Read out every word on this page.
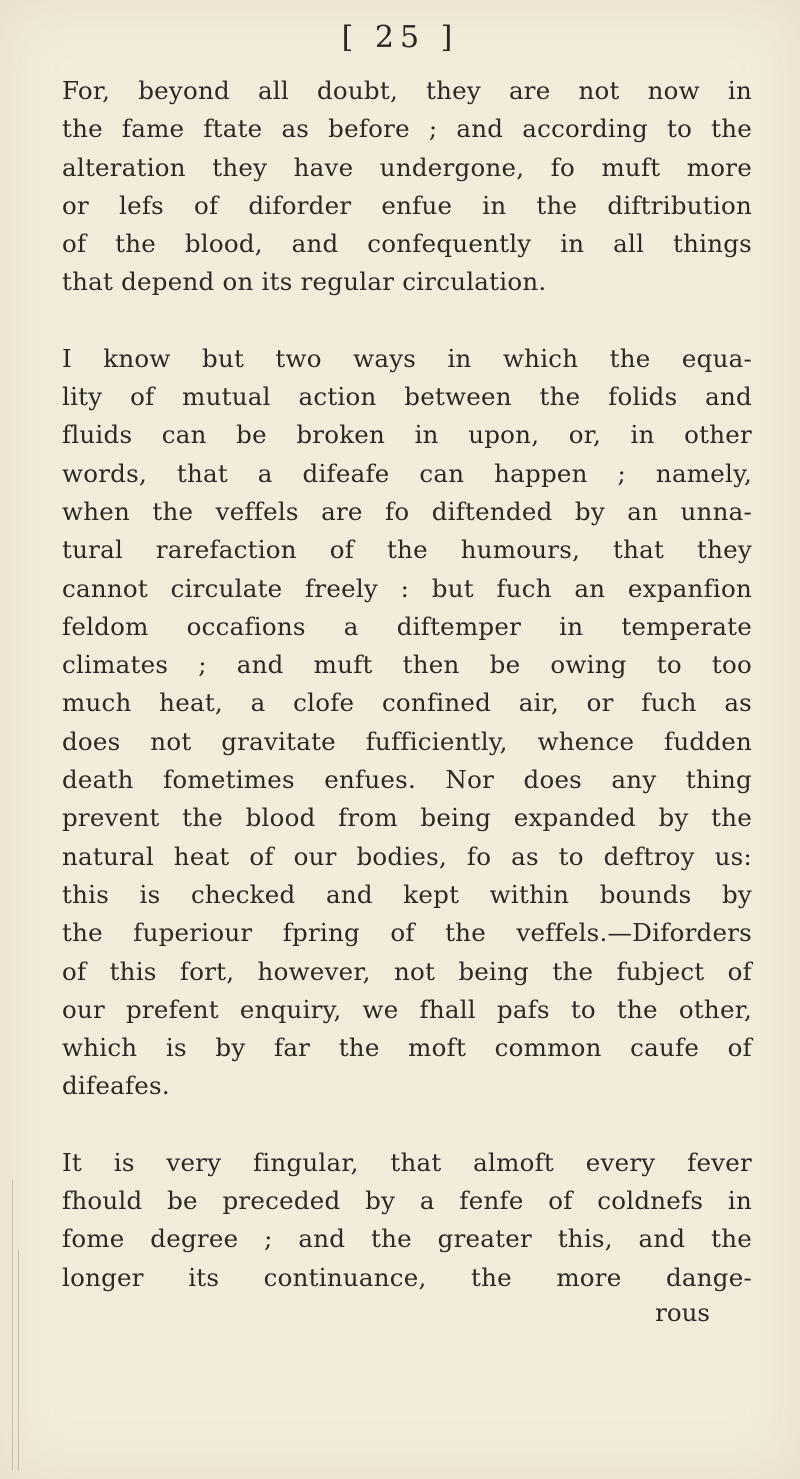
[ 25 ]
For, beyond all doubt, they are not now in
the fame ftate as before ; and according to the
alteration they have undergone, fo muft more
or lefs of diforder enfue in the diftribution
of the blood, and confequently in all things
that depend on its regular circulation.
I know but two ways in which the equa-
lity of mutual action between the folids and
fluids can be broken in upon, or, in other
words, that a difeafe can happen ; namely,
when the veffels are fo diftended by an unna-
tural rarefaction of the humours, that they
cannot circulate freely : but fuch an expanfion
feldom occafions a diftemper in temperate
climates ; and muft then be owing to too
much heat, a clofe confined air, or fuch as
does not gravitate fufficiently, whence fudden
death fometimes enfues. Nor does any thing
prevent the blood from being expanded by the
natural heat of our bodies, fo as to deftroy us:
this is checked and kept within bounds by
the fuperiour fpring of the veffels.—Diforders
of this fort, however, not being the fubject of
our prefent enquiry, we fhall pafs to the other,
which is by far the moft common caufe of
difeafes.
It is very fingular, that almoft every fever
fhould be preceded by a fenfe of coldnefs in
fome degree ; and the greater this, and the
longer its continuance, the more dange-
rous
